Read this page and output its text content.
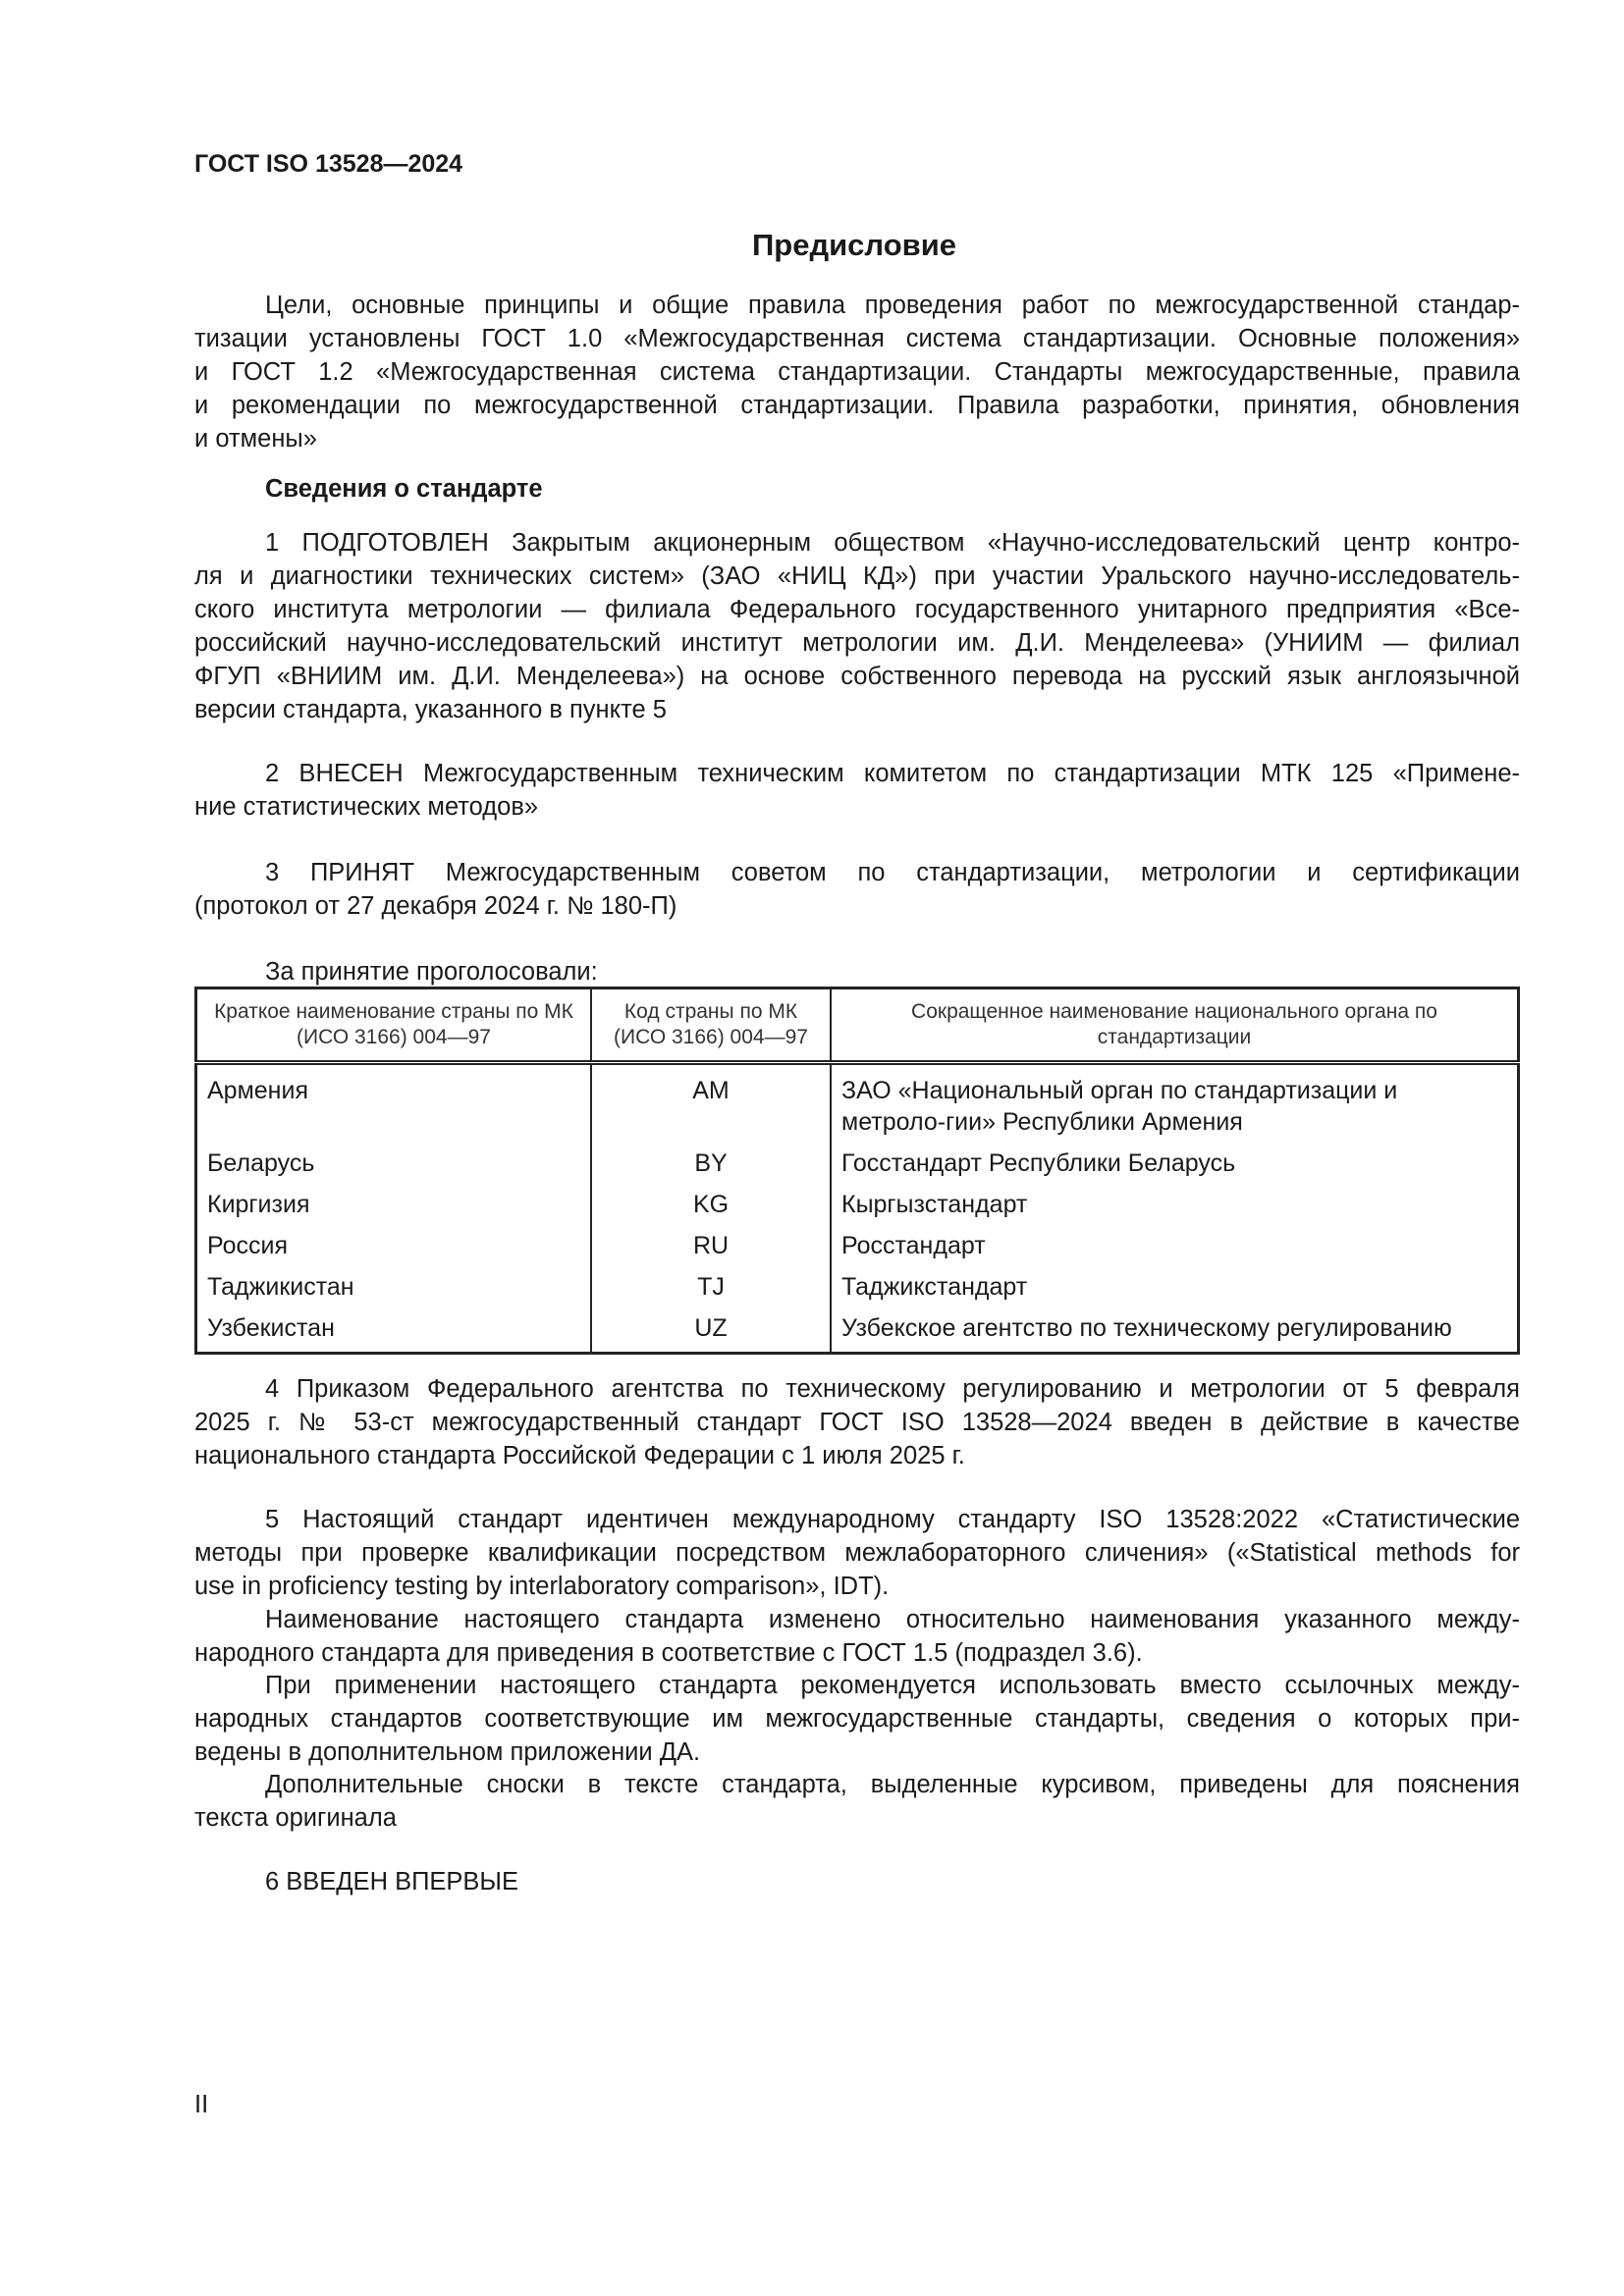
ГОСТ ISO 13528—2024
Предисловие
Цели, основные принципы и общие правила проведения работ по межгосударственной стандар-
тизации установлены ГОСТ 1.0 «Межгосударственная система стандартизации. Основные положения»
и ГОСТ 1.2 «Межгосударственная система стандартизации. Стандарты межгосударственные, правила
и рекомендации по межгосударственной стандартизации. Правила разработки, принятия, обновления
и отмены»
1 ПОДГОТОВЛЕН Закрытым акционерным обществом «Научно-исследовательский центр контро-
ля и диагностики технических систем» (ЗАО «НИЦ КД») при участии Уральского научно-исследователь-
ского института метрологии — филиала Федерального государственного унитарного предприятия «Все-
российский научно-исследовательский институт метрологии им. Д.И. Менделеева» (УНИИМ — филиал
ФГУП «ВНИИМ им. Д.И. Менделеева») на основе собственного перевода на русский язык англоязычной
версии стандарта, указанного в пункте 5
2 ВНЕСЕН Межгосударственным техническим комитетом по стандартизации МТК 125 «Примене-
ние статистических методов»
3 ПРИНЯТ Межгосударственным советом по стандартизации, метрологии и сертификации
(протокол от 27 декабря 2024 г. № 180-П)
4 Приказом Федерального агентства по техническому регулированию и метрологии от 5 февраля
2025 г. № 53-ст межгосударственный стандарт ГОСТ ISO 13528—2024 введен в действие в качестве
национального стандарта Российской Федерации с 1 июля 2025 г.
5 Настоящий стандарт идентичен международному стандарту ISO 13528:2022 «Статистические
методы при проверке квалификации посредством межлабораторного сличения» («Statistical methods for
use in proficiency testing by interlaboratory comparison», IDT).
Наименование настоящего стандарта изменено относительно наименования указанного между-
народного стандарта для приведения в соответствие с ГОСТ 1.5 (подраздел 3.6).
При применении настоящего стандарта рекомендуется использовать вместо ссылочных между-
народных стандартов соответствующие им межгосударственные стандарты, сведения о которых при-
ведены в дополнительном приложении ДА.
Дополнительные сноски в тексте стандарта, выделенные курсивом, приведены для пояснения
текста оригинала
Сведения о стандарте
За принятие проголосовали:
Краткое наименование страны по МК (ИСО 3166) 004—97	Код страны по МК (ИСО 3166) 004—97	Сокращенное наименование национального органа по стандартизации
Армения	AM	ЗАО «Национальный орган по стандартизации и метроло-гии» Республики Армения
Беларусь	BY	Госстандарт Республики Беларусь
Киргизия	KG	Кыргызстандарт
Россия	RU	Росстандарт
Таджикистан	TJ	Таджикстандарт
Узбекистан	UZ	Узбекское агентство по техническому регулированию
6 ВВЕДЕН ВПЕРВЫЕ
II
